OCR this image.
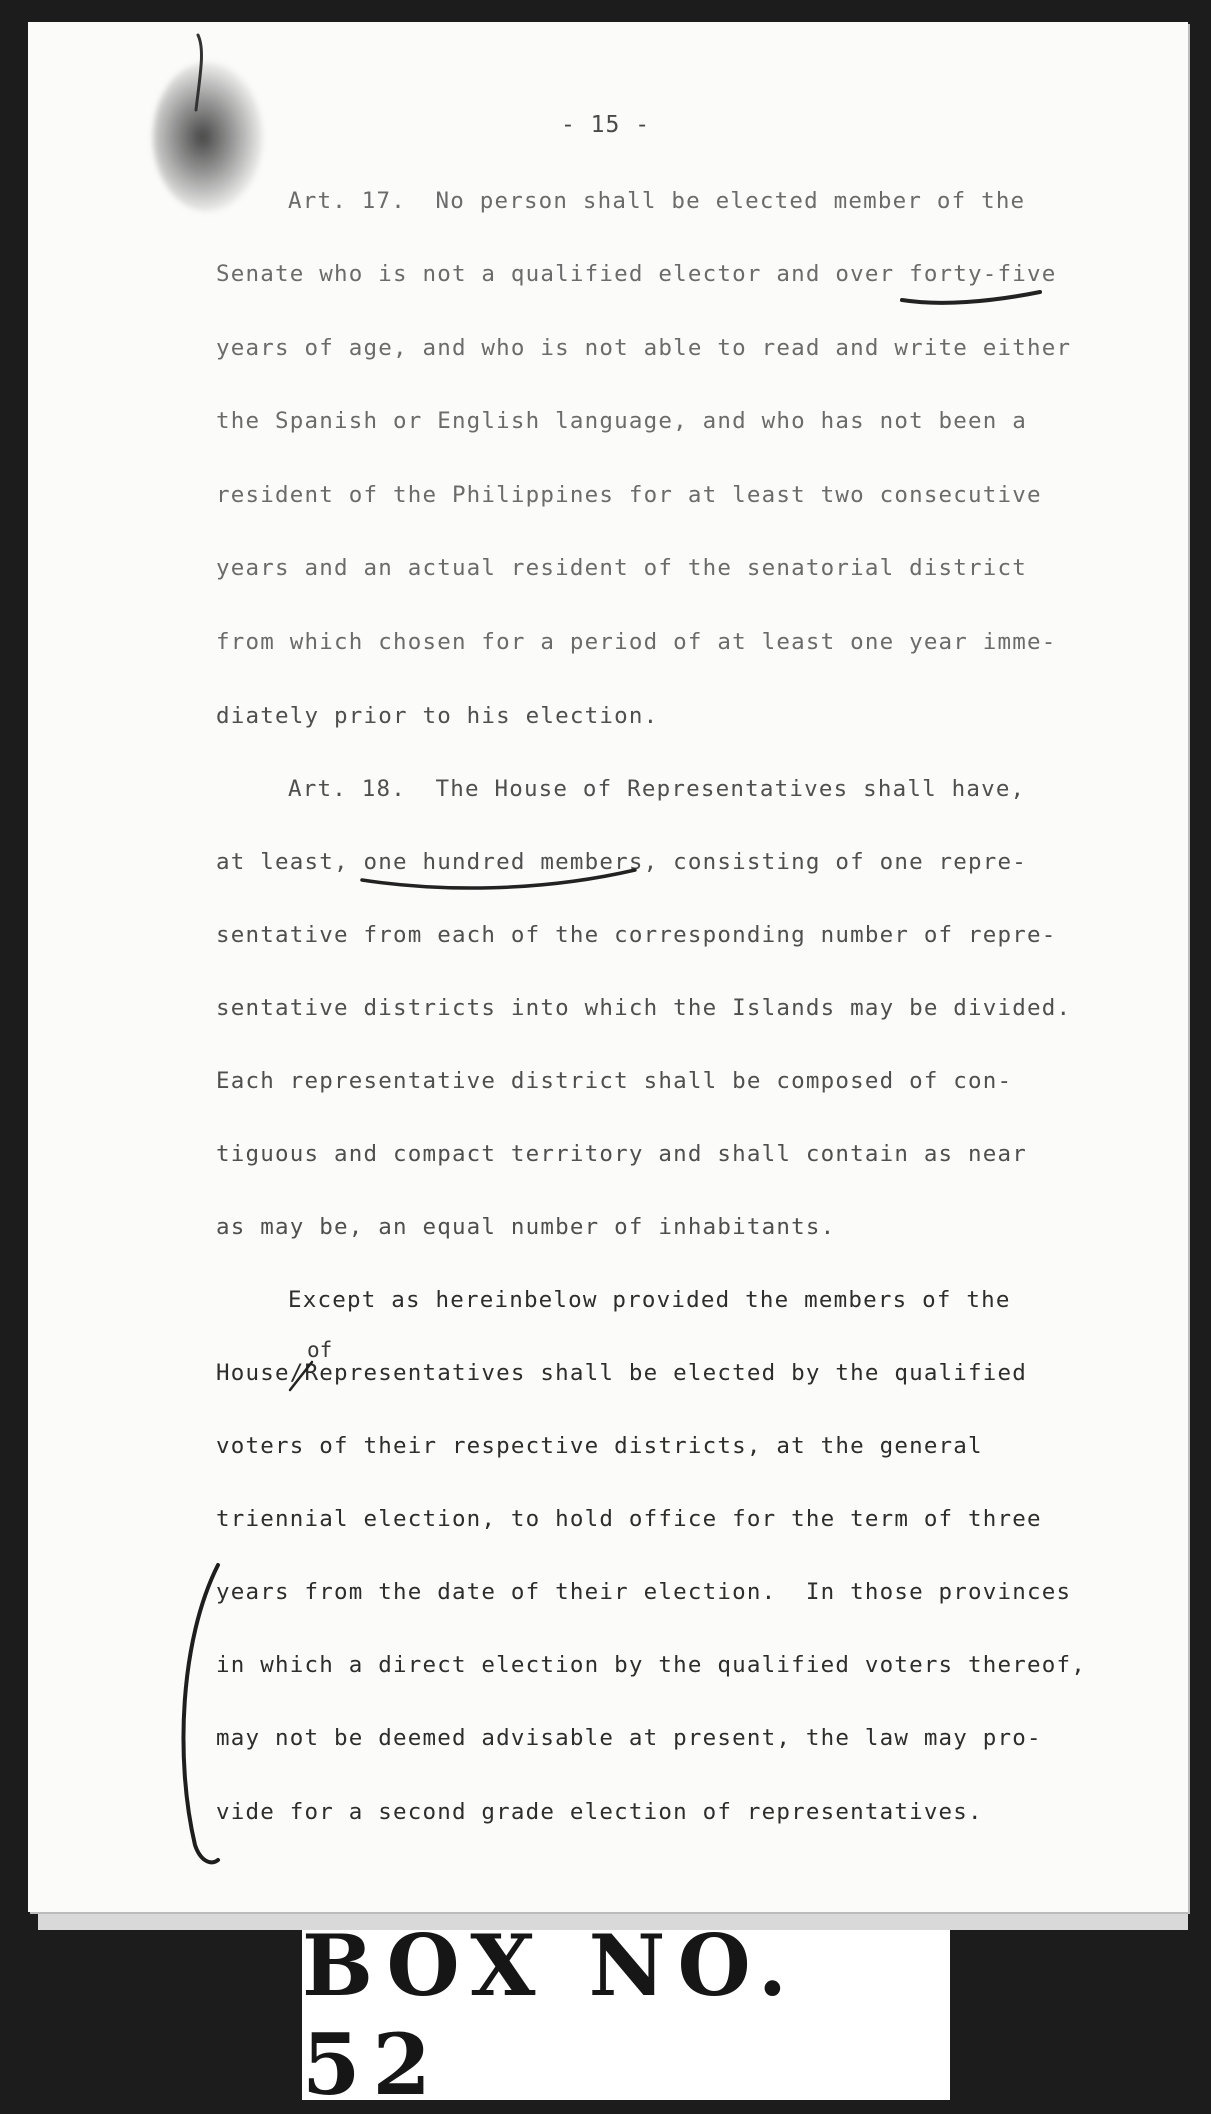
- 15 -
Art. 17.  No person shall be elected member of the
Senate who is not a qualified elector and over forty-five
years of age, and who is not able to read and write either
the Spanish or English language, and who has not been a
resident of the Philippines for at least two consecutive
years and an actual resident of the senatorial district
from which chosen for a period of at least one year imme-
diately prior to his election.
Art. 18.  The House of Representatives shall have,
at least, one hundred members, consisting of one repre-
sentative from each of the corresponding number of repre-
sentative districts into which the Islands may be divided.
Each representative district shall be composed of con-
tiguous and compact territory and shall contain as near
as may be, an equal number of inhabitants.
Except as hereinbelow provided the members of the
of
House/Representatives shall be elected by the qualified
voters of their respective districts, at the general
triennial election, to hold office for the term of three
years from the date of their election.  In those provinces
in which a direct election by the qualified voters thereof,
may not be deemed advisable at present, the law may pro-
vide for a second grade election of representatives.
BOX NO. 52
